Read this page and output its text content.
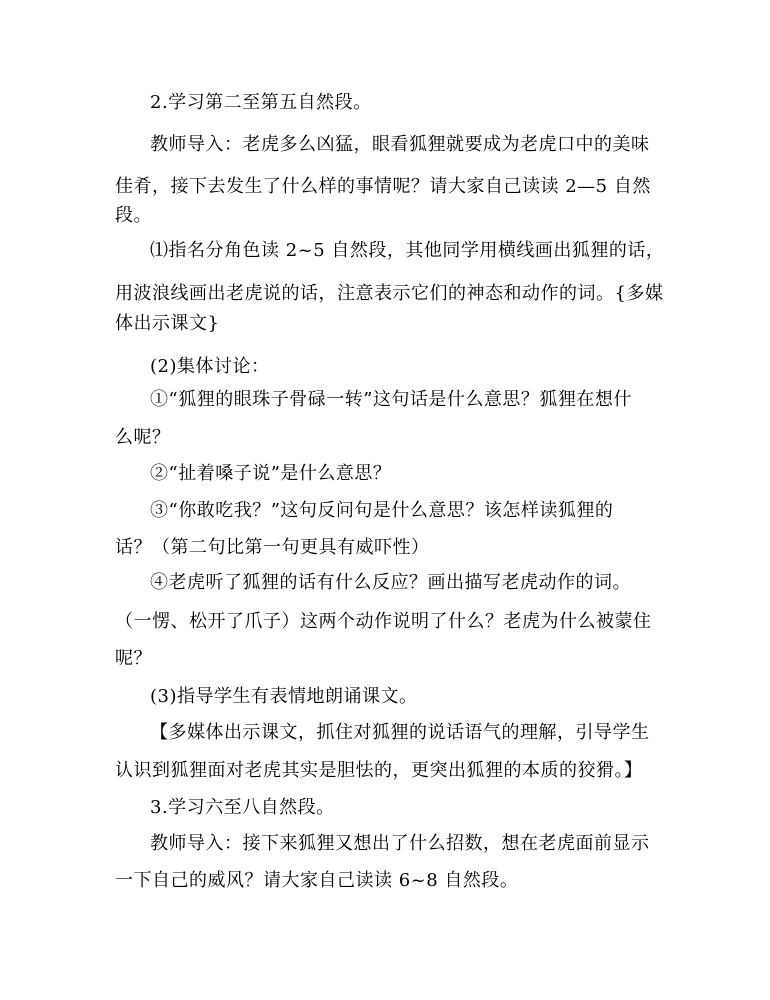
2.学习第二至第五自然段。
教师导入：老虎多么凶猛，眼看狐狸就要成为老虎口中的美味
佳肴，接下去发生了什么样的事情呢？请大家自己读读 2—5 自然
段。
⑴指名分角色读 2~5 自然段，其他同学用横线画出狐狸的话，
用波浪线画出老虎说的话，注意表示它们的神态和动作的词。{多媒
体出示课文}
(2)集体讨论：
①“狐狸的眼珠子骨碌一转”这句话是什么意思？狐狸在想什
么呢？
②“扯着嗓子说”是什么意思？
③“你敢吃我？”这句反问句是什么意思？该怎样读狐狸的
话？（第二句比第一句更具有威吓性）
④老虎听了狐狸的话有什么反应？画出描写老虎动作的词。
（一愣、松开了爪子）这两个动作说明了什么？老虎为什么被蒙住
呢？
(3)指导学生有表情地朗诵课文。
【多媒体出示课文，抓住对狐狸的说话语气的理解，引导学生
认识到狐狸面对老虎其实是胆怯的，更突出狐狸的本质的狡猾。】
3.学习六至八自然段。
教师导入：接下来狐狸又想出了什么招数，想在老虎面前显示
一下自己的威风？请大家自己读读 6~8 自然段。
